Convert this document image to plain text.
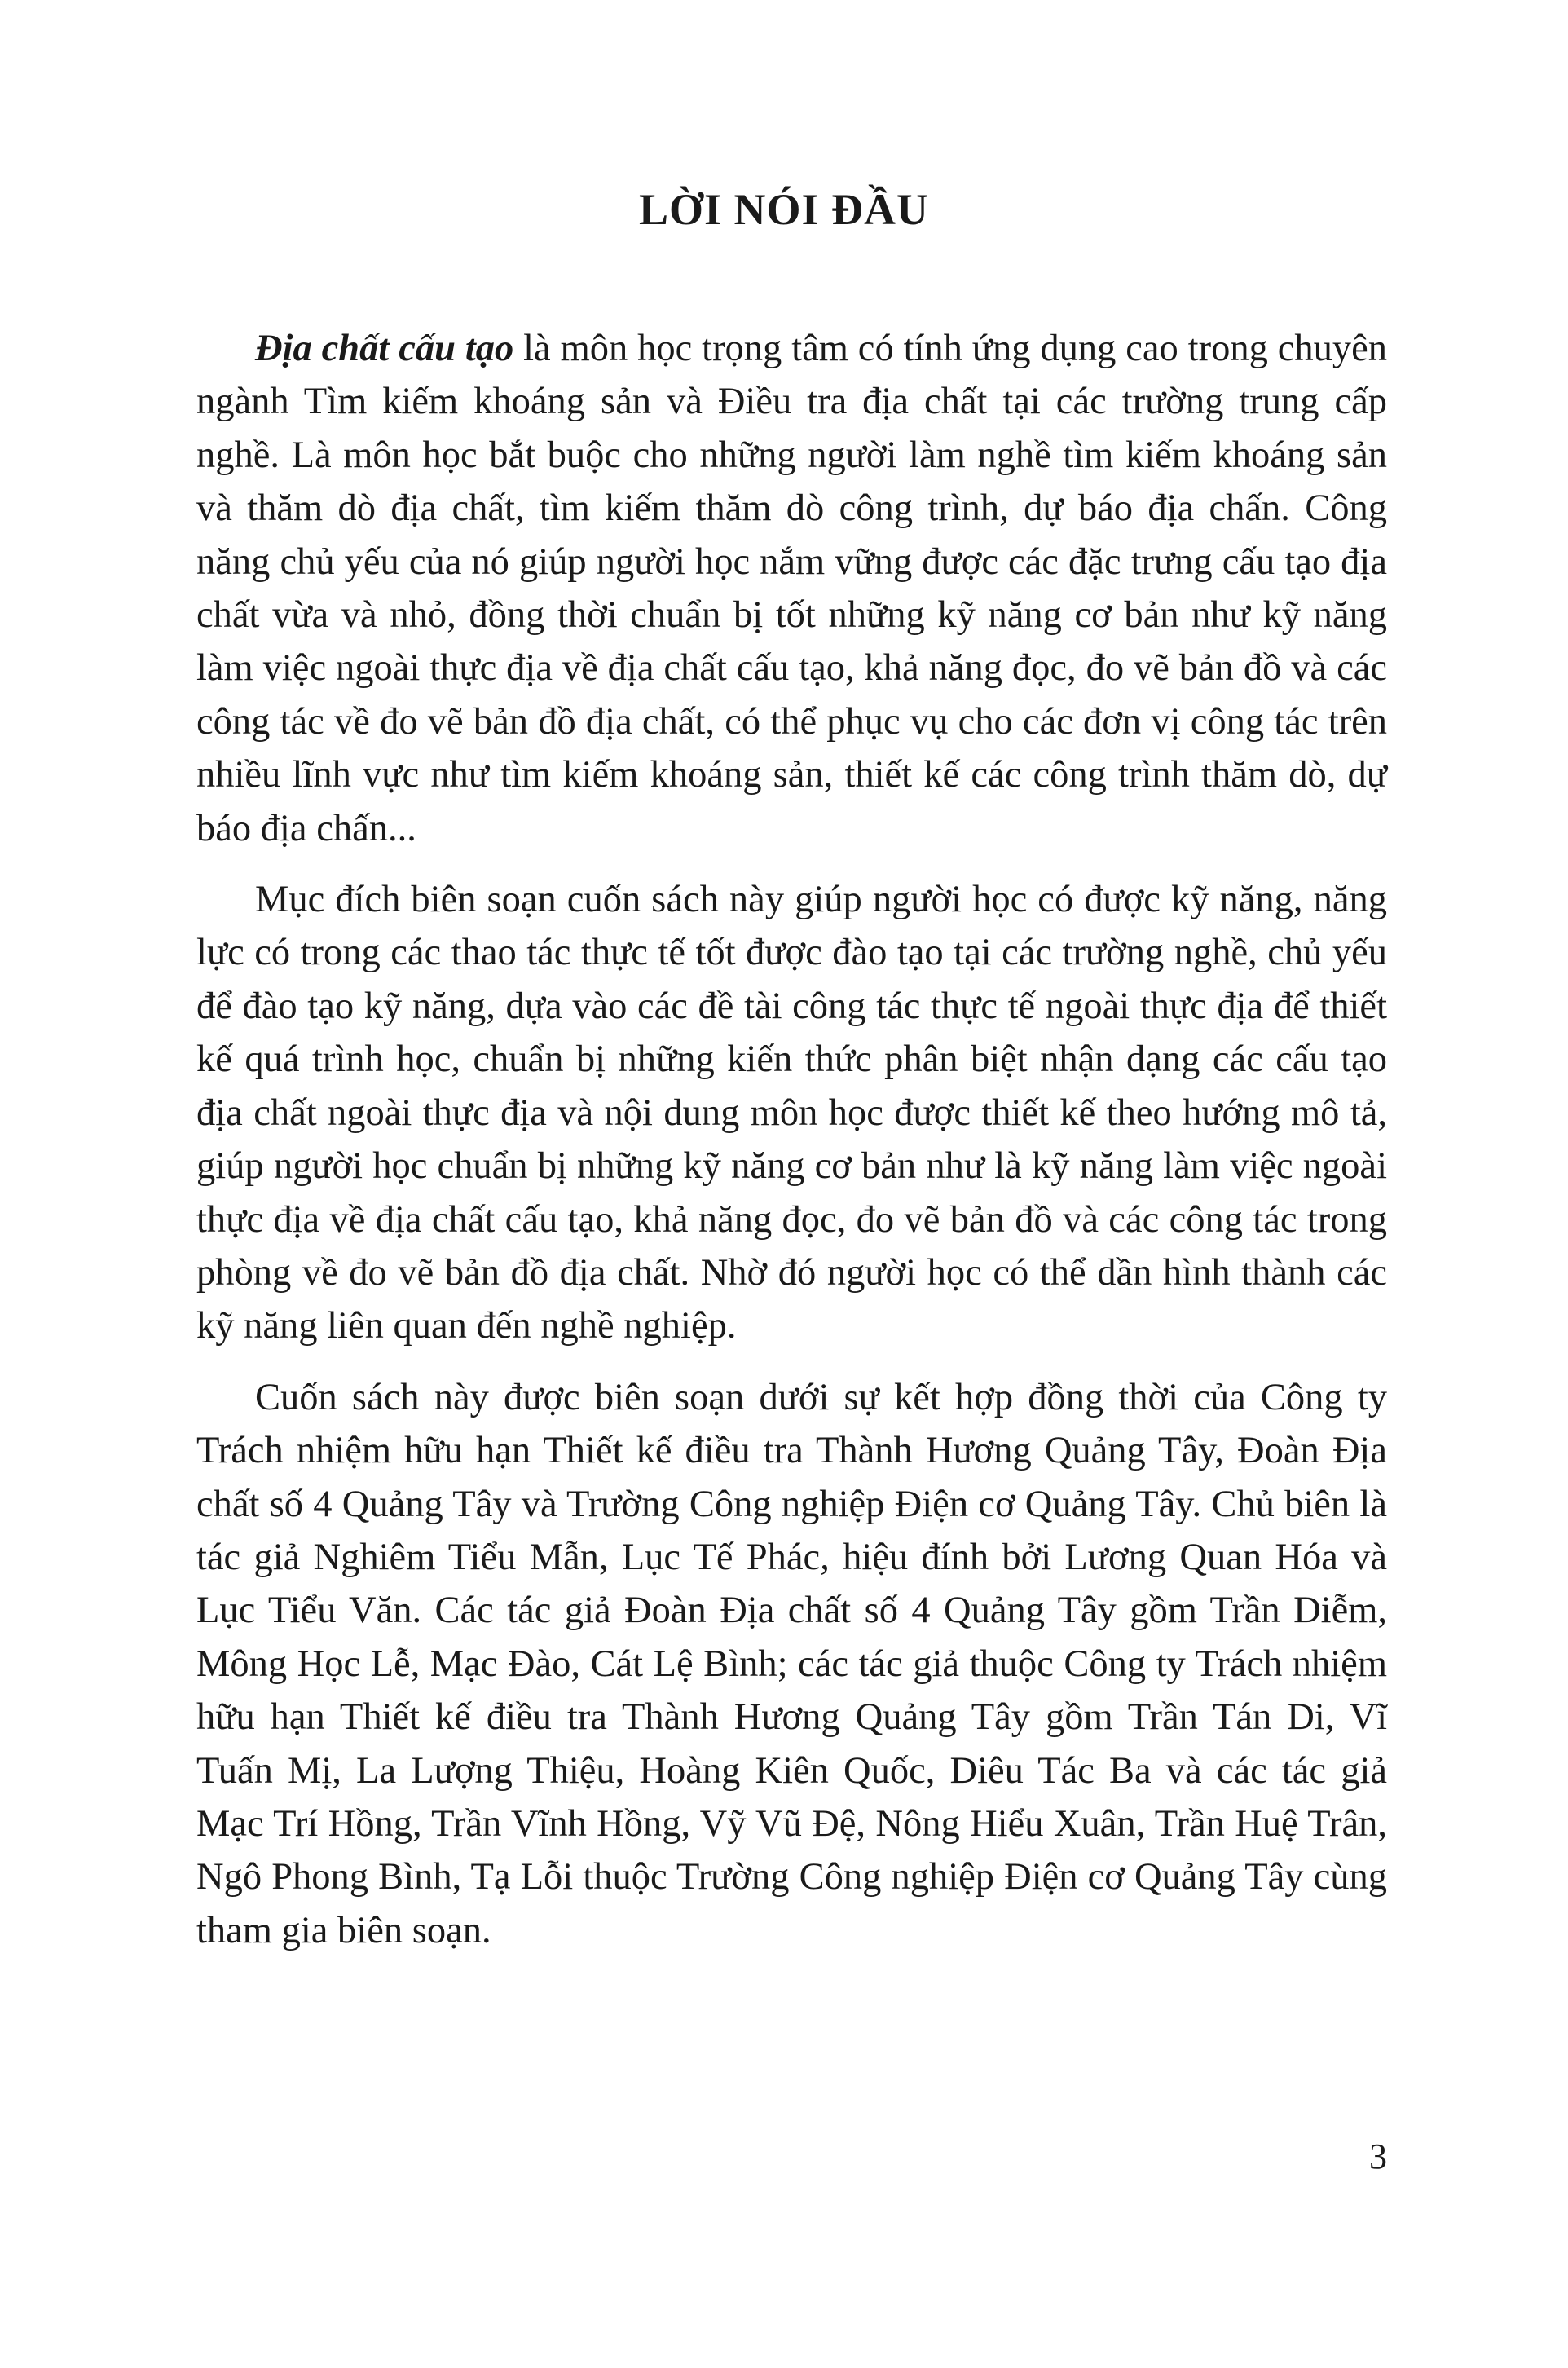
LỜI NÓI ĐẦU

Địa chất cấu tạo là môn học trọng tâm có tính ứng dụng cao trong chuyên ngành Tìm kiếm khoáng sản và Điều tra địa chất tại các trường trung cấp nghề. Là môn học bắt buộc cho những người làm nghề tìm kiếm khoáng sản và thăm dò địa chất, tìm kiếm thăm dò công trình, dự báo địa chấn. Công năng chủ yếu của nó giúp người học nắm vững được các đặc trưng cấu tạo địa chất vừa và nhỏ, đồng thời chuẩn bị tốt những kỹ năng cơ bản như kỹ năng làm việc ngoài thực địa về địa chất cấu tạo, khả năng đọc, đo vẽ bản đồ và các công tác về đo vẽ bản đồ địa chất, có thể phục vụ cho các đơn vị công tác trên nhiều lĩnh vực như tìm kiếm khoáng sản, thiết kế các công trình thăm dò, dự báo địa chấn...

Mục đích biên soạn cuốn sách này giúp người học có được kỹ năng, năng lực có trong các thao tác thực tế tốt được đào tạo tại các trường nghề, chủ yếu để đào tạo kỹ năng, dựa vào các đề tài công tác thực tế ngoài thực địa để thiết kế quá trình học, chuẩn bị những kiến thức phân biệt nhận dạng các cấu tạo địa chất ngoài thực địa và nội dung môn học được thiết kế theo hướng mô tả, giúp người học chuẩn bị những kỹ năng cơ bản như là kỹ năng làm việc ngoài thực địa về địa chất cấu tạo, khả năng đọc, đo vẽ bản đồ và các công tác trong phòng về đo vẽ bản đồ địa chất. Nhờ đó người học có thể dần hình thành các kỹ năng liên quan đến nghề nghiệp.

Cuốn sách này được biên soạn dưới sự kết hợp đồng thời của Công ty Trách nhiệm hữu hạn Thiết kế điều tra Thành Hương Quảng Tây, Đoàn Địa chất số 4 Quảng Tây và Trường Công nghiệp Điện cơ Quảng Tây. Chủ biên là tác giả Nghiêm Tiểu Mẫn, Lục Tế Phác, hiệu đính bởi Lương Quan Hóa và Lục Tiểu Văn. Các tác giả Đoàn Địa chất số 4 Quảng Tây gồm Trần Diễm, Mông Học Lễ, Mạc Đào, Cát Lệ Bình; các tác giả thuộc Công ty Trách nhiệm hữu hạn Thiết kế điều tra Thành Hương Quảng Tây gồm Trần Tán Di, Vĩ Tuấn Mị, La Lượng Thiệu, Hoàng Kiên Quốc, Diêu Tác Ba và các tác giả Mạc Trí Hồng, Trần Vĩnh Hồng, Vỹ Vũ Đệ, Nông Hiểu Xuân, Trần Huệ Trân, Ngô Phong Bình, Tạ Lỗi thuộc Trường Công nghiệp Điện cơ Quảng Tây cùng tham gia biên soạn.

3
